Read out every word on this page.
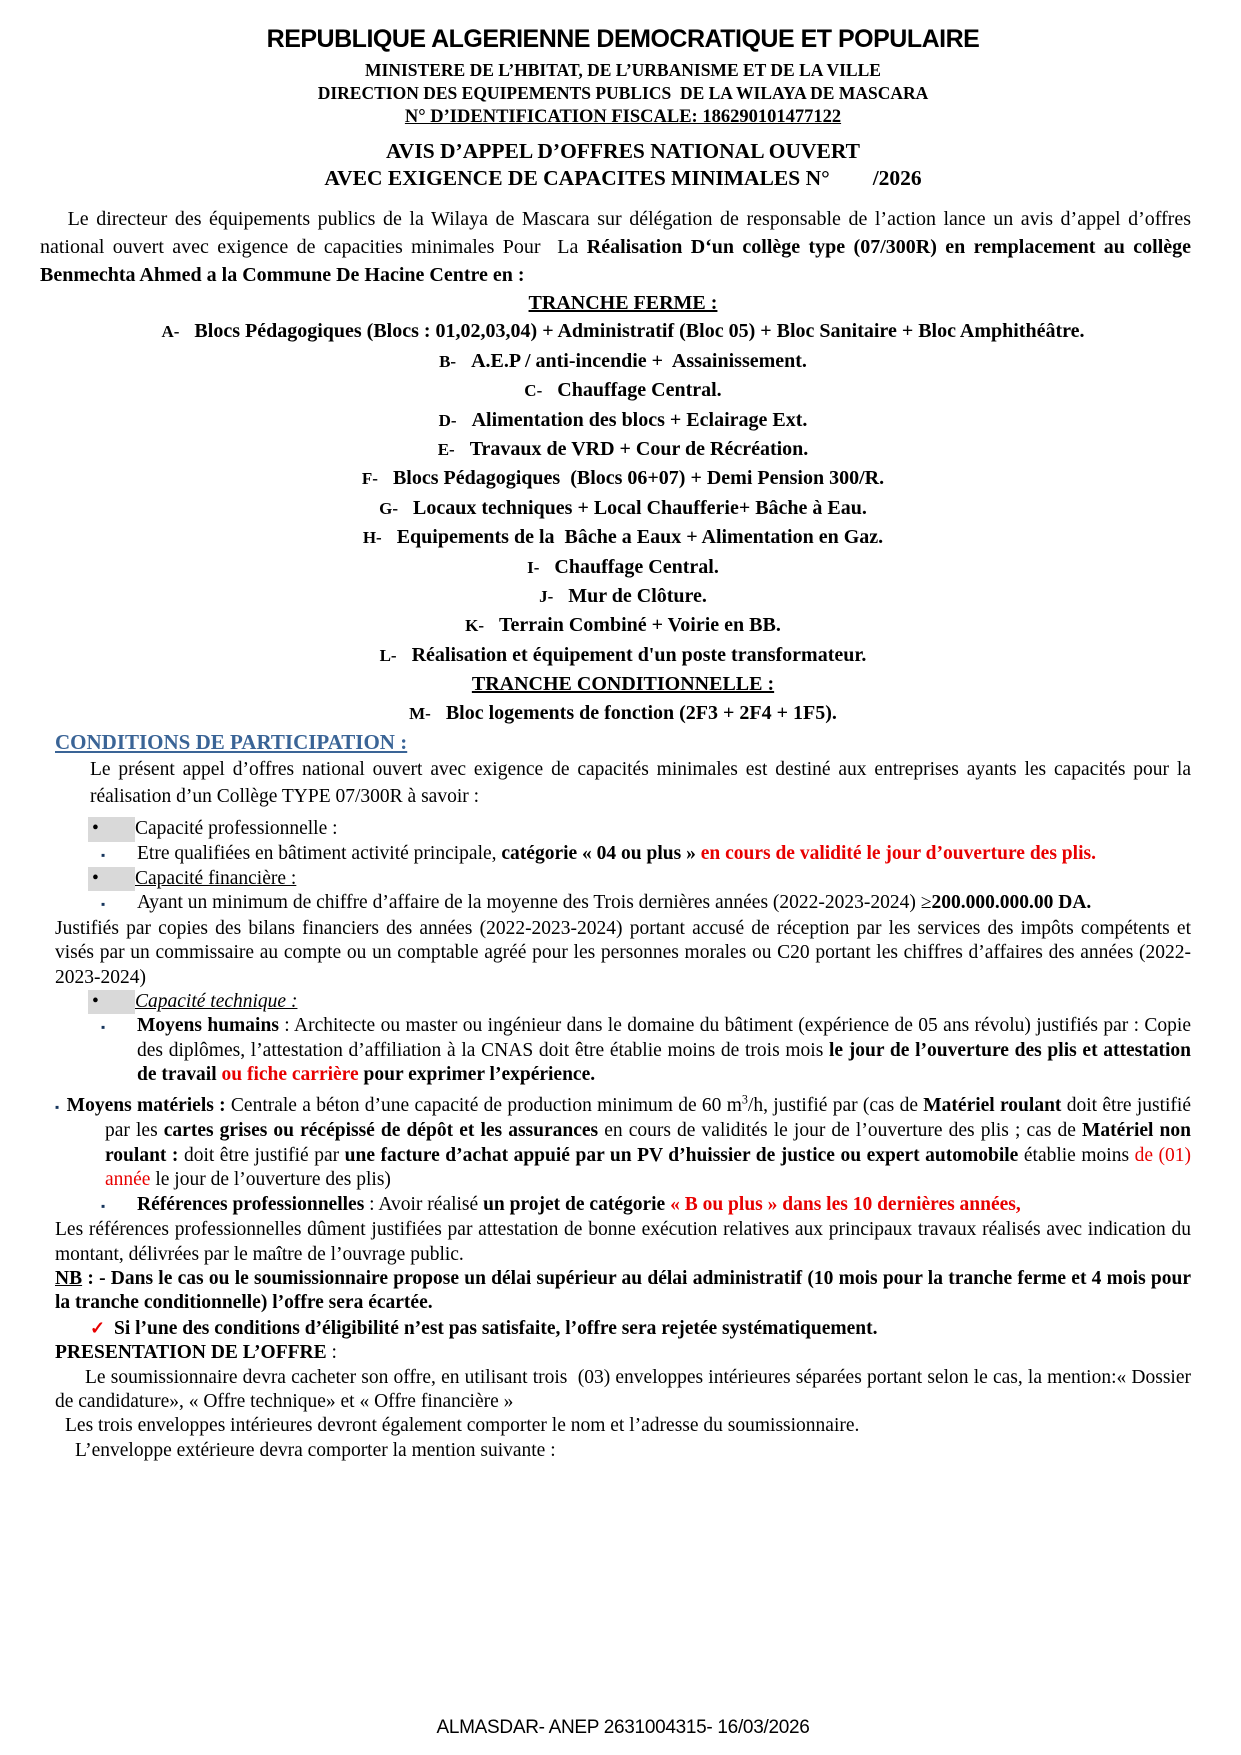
REPUBLIQUE ALGERIENNE DEMOCRATIQUE ET POPULAIRE
MINISTERE DE L’HBITAT, DE L’URBANISME ET DE LA VILLE
DIRECTION DES EQUIPEMENTS PUBLICS  DE LA WILAYA DE MASCARA
N° D’IDENTIFICATION FISCALE: 186290101477122
AVIS D’APPEL D’OFFRES NATIONAL OUVERT
AVEC EXIGENCE DE CAPACITES MINIMALES N°        /2026

Le directeur des équipements publics de la Wilaya de Mascara sur délégation de responsable de l’action lance un avis d’appel d’offres national ouvert avec exigence de capacities minimales Pour  La Réalisation D‘un collège type (07/300R) en remplacement au collège Benmechta Ahmed a la Commune De Hacine Centre en :

TRANCHE FERME :
A- Blocs Pédagogiques (Blocs : 01,02,03,04) + Administratif (Bloc 05) + Bloc Sanitaire + Bloc Amphithéâtre.
B- A.E.P / anti-incendie +  Assainissement.
C- Chauffage Central.
D- Alimentation des blocs + Eclairage Ext.
E- Travaux de VRD + Cour de Récréation.
F- Blocs Pédagogiques  (Blocs 06+07) + Demi Pension 300/R.
G- Locaux techniques + Local Chaufferie+ Bâche à Eau.
H- Equipements de la  Bâche a Eaux + Alimentation en Gaz.
I- Chauffage Central.
J- Mur de Clôture.
K- Terrain Combiné + Voirie en BB.
L- Réalisation et équipement d'un poste transformateur.
TRANCHE CONDITIONNELLE :
M- Bloc logements de fonction (2F3 + 2F4 + 1F5).
CONDITIONS DE PARTICIPATION :

Le présent appel d’offres national ouvert avec exigence de capacités minimales est destiné aux entreprises ayants les capacités pour la réalisation d’un Collège TYPE 07/300R à savoir :

•	Capacité professionnelle :
▪	Etre qualifiées en bâtiment activité principale, catégorie « 04 ou plus » en cours de validité le jour d’ouverture des plis.
•	Capacité financière :
▪	Ayant un minimum de chiffre d’affaire de la moyenne des Trois dernières années (2022-2023-2024) ≥200.000.000.00 DA.

Justifiés par copies des bilans financiers des années (2022-2023-2024) portant accusé de réception par les services des impôts compétents et visés par un commissaire au compte ou un comptable agréé pour les personnes morales ou C20 portant les chiffres d’affaires des années (2022-2023-2024)

•	Capacité technique :
▪	Moyens humains : Architecte ou master ou ingénieur dans le domaine du bâtiment (expérience de 05 ans révolu) justifiés par : Copie des diplômes, l’attestation d’affiliation à la CNAS doit être établie moins de trois mois le jour de l’ouverture des plis et attestation de travail ou fiche carrière pour exprimer l’expérience.

▪ Moyens matériels : Centrale a béton d’une capacité de production minimum de 60 $m^3/h$, justifié par (cas de Matériel roulant doit être justifié par les cartes grises ou récépissé de dépôt et les assurances en cours de validités le jour de l’ouverture des plis ; cas de Matériel non roulant : doit être justifié par une facture d’achat appuié par un PV d’huissier de justice ou expert automobile établie moins de (01) année le jour de l’ouverture des plis)

▪	Références professionnelles : Avoir réalisé un projet de catégorie « B ou plus » dans les 10 dernières années,

Les références professionnelles dûment justifiées par attestation de bonne exécution relatives aux principaux travaux réalisés avec indication du montant, délivrées par le maître de l’ouvrage public.

NB : - Dans le cas ou le soumissionnaire propose un délai supérieur au délai administratif (10 mois pour la tranche ferme et 4 mois pour la tranche conditionnelle) l’offre sera écartée.

✓ Si l’une des conditions d’éligibilité n’est pas satisfaite, l’offre sera rejetée systématiquement.

PRESENTATION DE L’OFFRE :

Le soumissionnaire devra cacheter son offre, en utilisant trois  (03) enveloppes intérieures séparées portant selon le cas, la mention:« Dossier de candidature», « Offre technique» et « Offre financière »

Les trois enveloppes intérieures devront également comporter le nom et l’adresse du soumissionnaire.

L’enveloppe extérieure devra comporter la mention suivante :

ALMASDAR- ANEP 2631004315- 16/03/2026
